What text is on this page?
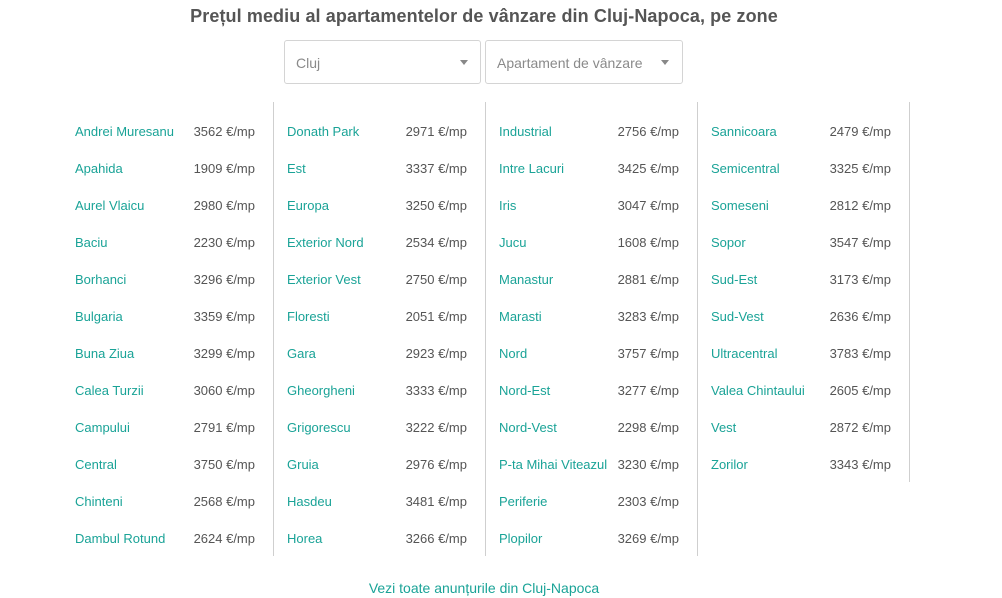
Prețul mediu al apartamentelor de vânzare din Cluj-Napoca, pe zone
Cluj	Apartament de vânzare
Andrei Muresanu 3562 €/mp
Apahida	1909 €/mp
Aurel Vlaicu	2980 €/mp
Baciu	2230 €/mp
Borhanci	3296 €/mp
Bulgaria	3359 €/mp
Buna Ziua	3299 €/mp
Calea Turzii	3060 €/mp
Campului	2791 €/mp
Central	3750 €/mp
Chinteni	2568 €/mp
Dambul Rotund 2624 €/mp
Donath Park	2971 €/mp
Est	3337 €/mp
Europa	3250 €/mp
Exterior Nord	2534 €/mp
Exterior Vest	2750 €/mp
Floresti	2051 €/mp
Gara	2923 €/mp
Gheorgheni	3333 €/mp
Grigorescu	3222 €/mp
Gruia	2976 €/mp
Hasdeu	3481 €/mp
Horea	3266 €/mp
Industrial	2756 €/mp
Intre Lacuri	3425 €/mp
Iris	3047 €/mp
Jucu	1608 €/mp
Manastur	2881 €/mp
Marasti	3283 €/mp
Nord	3757 €/mp
Nord-Est	3277 €/mp
Nord-Vest	2298 €/mp
P-ta Mihai Viteazul 3230 €/mp
Periferie	2303 €/mp
Plopilor	3269 €/mp
Sannicoara	2479 €/mp
Semicentral	3325 €/mp
Someseni	2812 €/mp
Sopor	3547 €/mp
Sud-Est	3173 €/mp
Sud-Vest	2636 €/mp
Ultracentral	3783 €/mp
Valea Chintaului 2605 €/mp
Vest	2872 €/mp
Zorilor	3343 €/mp
Vezi toate anunțurile din Cluj-Napoca
